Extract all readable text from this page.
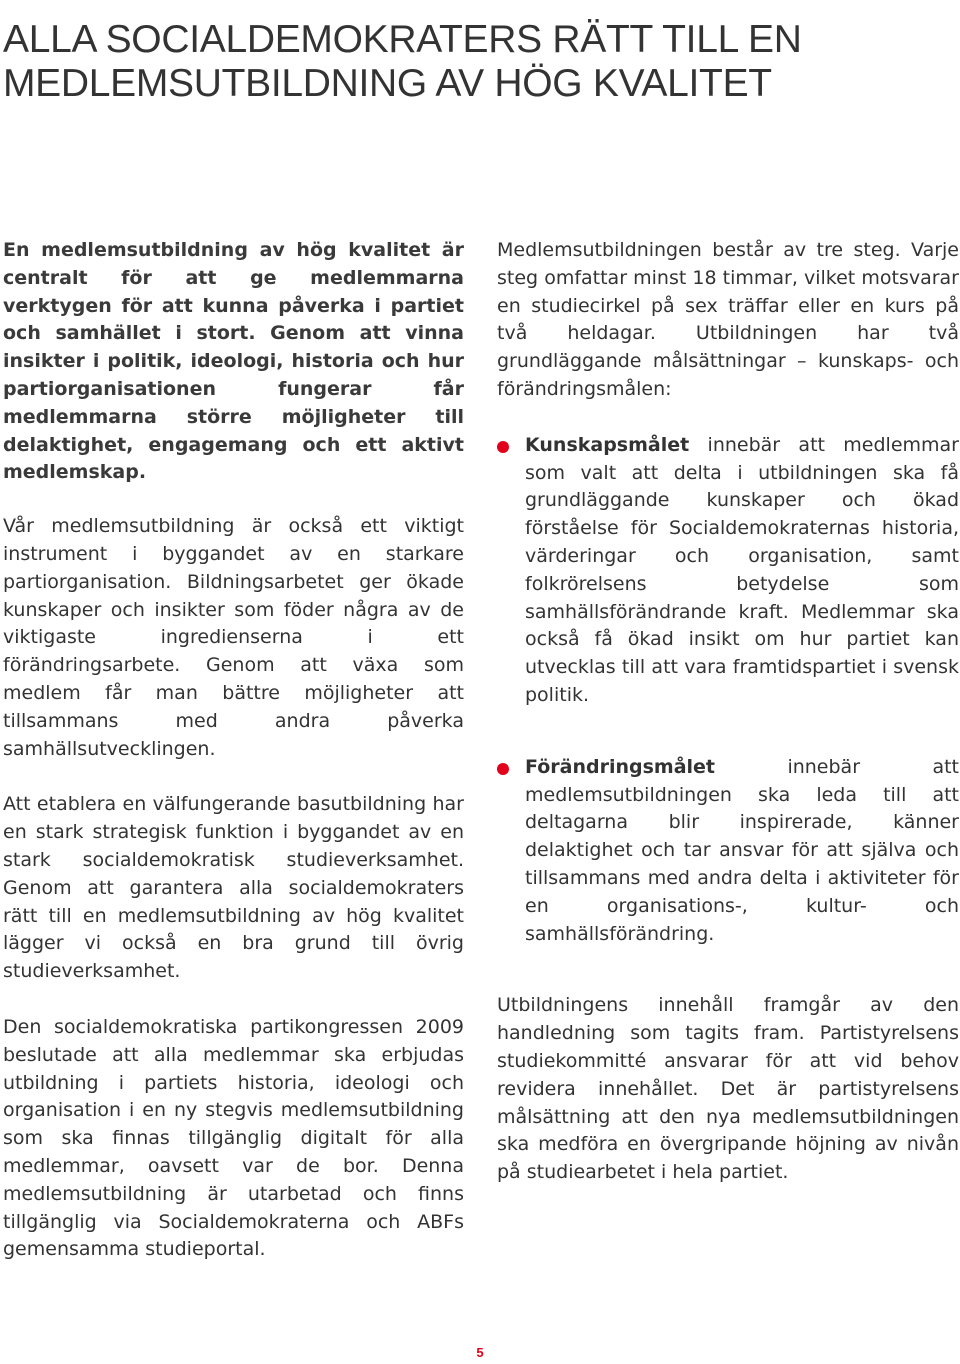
ALLA SOCIALDEMOKRATERS RÄTT TILL EN
MEDLEMSUTBILDNING AV HÖG KVALITET

En medlemsutbildning av hög kvalitet är centralt för att ge medlemmarna verktygen för att kunna påverka i partiet och samhället i stort. Genom att vinna insikter i politik, ideologi, historia och hur partiorganisationen fungerar får medlemmarna större möjligheter till delaktighet, engagemang och ett aktivt medlemskap.

Vår medlemsutbildning är också ett viktigt instrument i byggandet av en starkare partiorganisation. Bildningsarbetet ger ökade kunskaper och insikter som föder några av de viktigaste ingredienserna i ett förändringsarbete. Genom att växa som medlem får man bättre möjligheter att tillsammans med andra påverka samhällsutvecklingen.

Att etablera en välfungerande basutbildning har en stark strategisk funktion i byggandet av en stark socialdemokratisk studieverksamhet. Genom att garantera alla socialdemokraters rätt till en medlemsutbildning av hög kvalitet lägger vi också en bra grund till övrig studieverksamhet.

Den socialdemokratiska partikongressen 2009 beslutade att alla medlemmar ska erbjudas utbildning i partiets historia, ideologi och organisation i en ny stegvis medlemsutbildning som ska finnas tillgänglig digitalt för alla medlemmar, oavsett var de bor. Denna medlemsutbildning är utarbetad och finns tillgänglig via Socialdemokraterna och ABFs gemensamma studieportal.

Medlemsutbildningen består av tre steg. Varje steg omfattar minst 18 timmar, vilket motsvarar en studiecirkel på sex träffar eller en kurs på två heldagar. Utbildningen har två grundläggande målsättningar – kunskaps- och förändringsmålen:

Kunskapsmålet innebär att medlemmar som valt att delta i utbildningen ska få grundläggande kunskaper och ökad förståelse för Socialdemokraternas historia, värderingar och organisation, samt folkrörelsens betydelse som samhällsförändrande kraft. Medlemmar ska också få ökad insikt om hur partiet kan utvecklas till att vara framtidspartiet i svensk politik.

Förändringsmålet innebär att medlemsutbildningen ska leda till att deltagarna blir inspirerade, känner delaktighet och tar ansvar för att själva och tillsammans med andra delta i aktiviteter för en organisations-, kultur- och samhällsförändring.

Utbildningens innehåll framgår av den handledning som tagits fram. Partistyrelsens studiekommitté ansvarar för att vid behov revidera innehållet. Det är partistyrelsens målsättning att den nya medlemsutbildningen ska medföra en övergripande höjning av nivån på studiearbetet i hela partiet.

5
